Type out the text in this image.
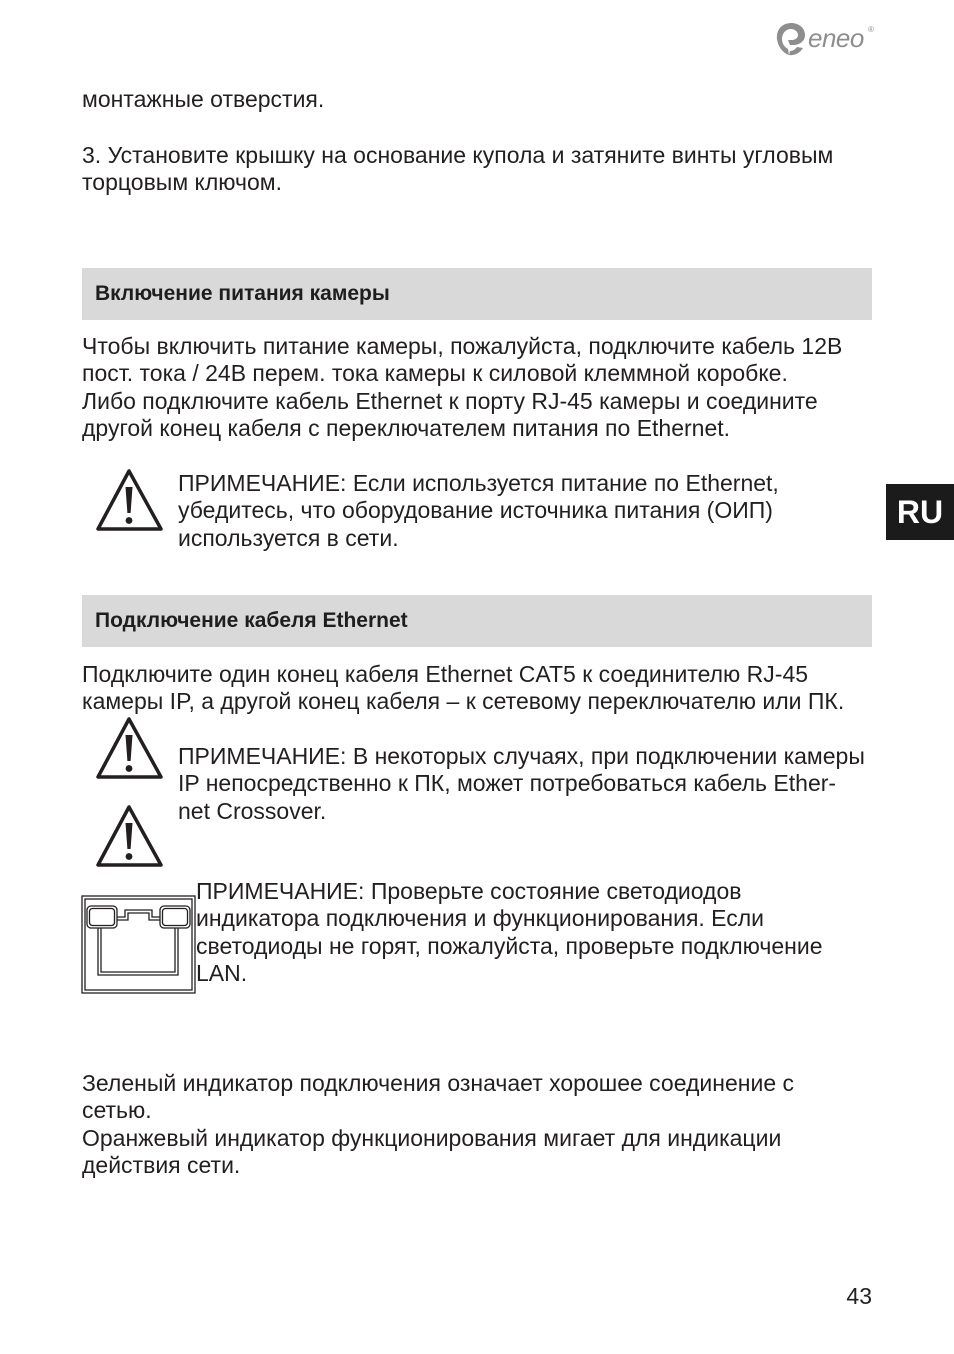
eneo ®
монтажные отверстия.
3. Установите крышку на основание купола и затяните винты угловым
торцовым ключом.
Включение питания камеры
Чтобы включить питание камеры, пожалуйста, подключите кабель 12В
пост. тока / 24В перем. тока камеры к силовой клеммной коробке.
Либо подключите кабель Ethernet к порту RJ-45 камеры и соедините
другой конец кабеля с переключателем питания по Ethernet.
ПРИМЕЧАНИЕ: Если используется питание по Ethernet,
убедитесь, что оборудование источника питания (ОИП)
используется в сети.
RU
Подключение кабеля Ethernet
Подключите один конец кабеля Ethernet CAT5 к соединителю RJ-45
камеры IP, а другой конец кабеля – к сетевому переключателю или ПК.
ПРИМЕЧАНИЕ: В некоторых случаях, при подключении камеры
IP непосредственно к ПК, может потребоваться кабель Ether-
net Crossover.
ПРИМЕЧАНИЕ: Проверьте состояние светодиодов
индикатора подключения и функционирования. Если
светодиоды не горят, пожалуйста, проверьте подключение
LAN.
Зеленый индикатор подключения означает хорошее соединение с
сетью.
Оранжевый индикатор функционирования мигает для индикации
действия сети.
43
